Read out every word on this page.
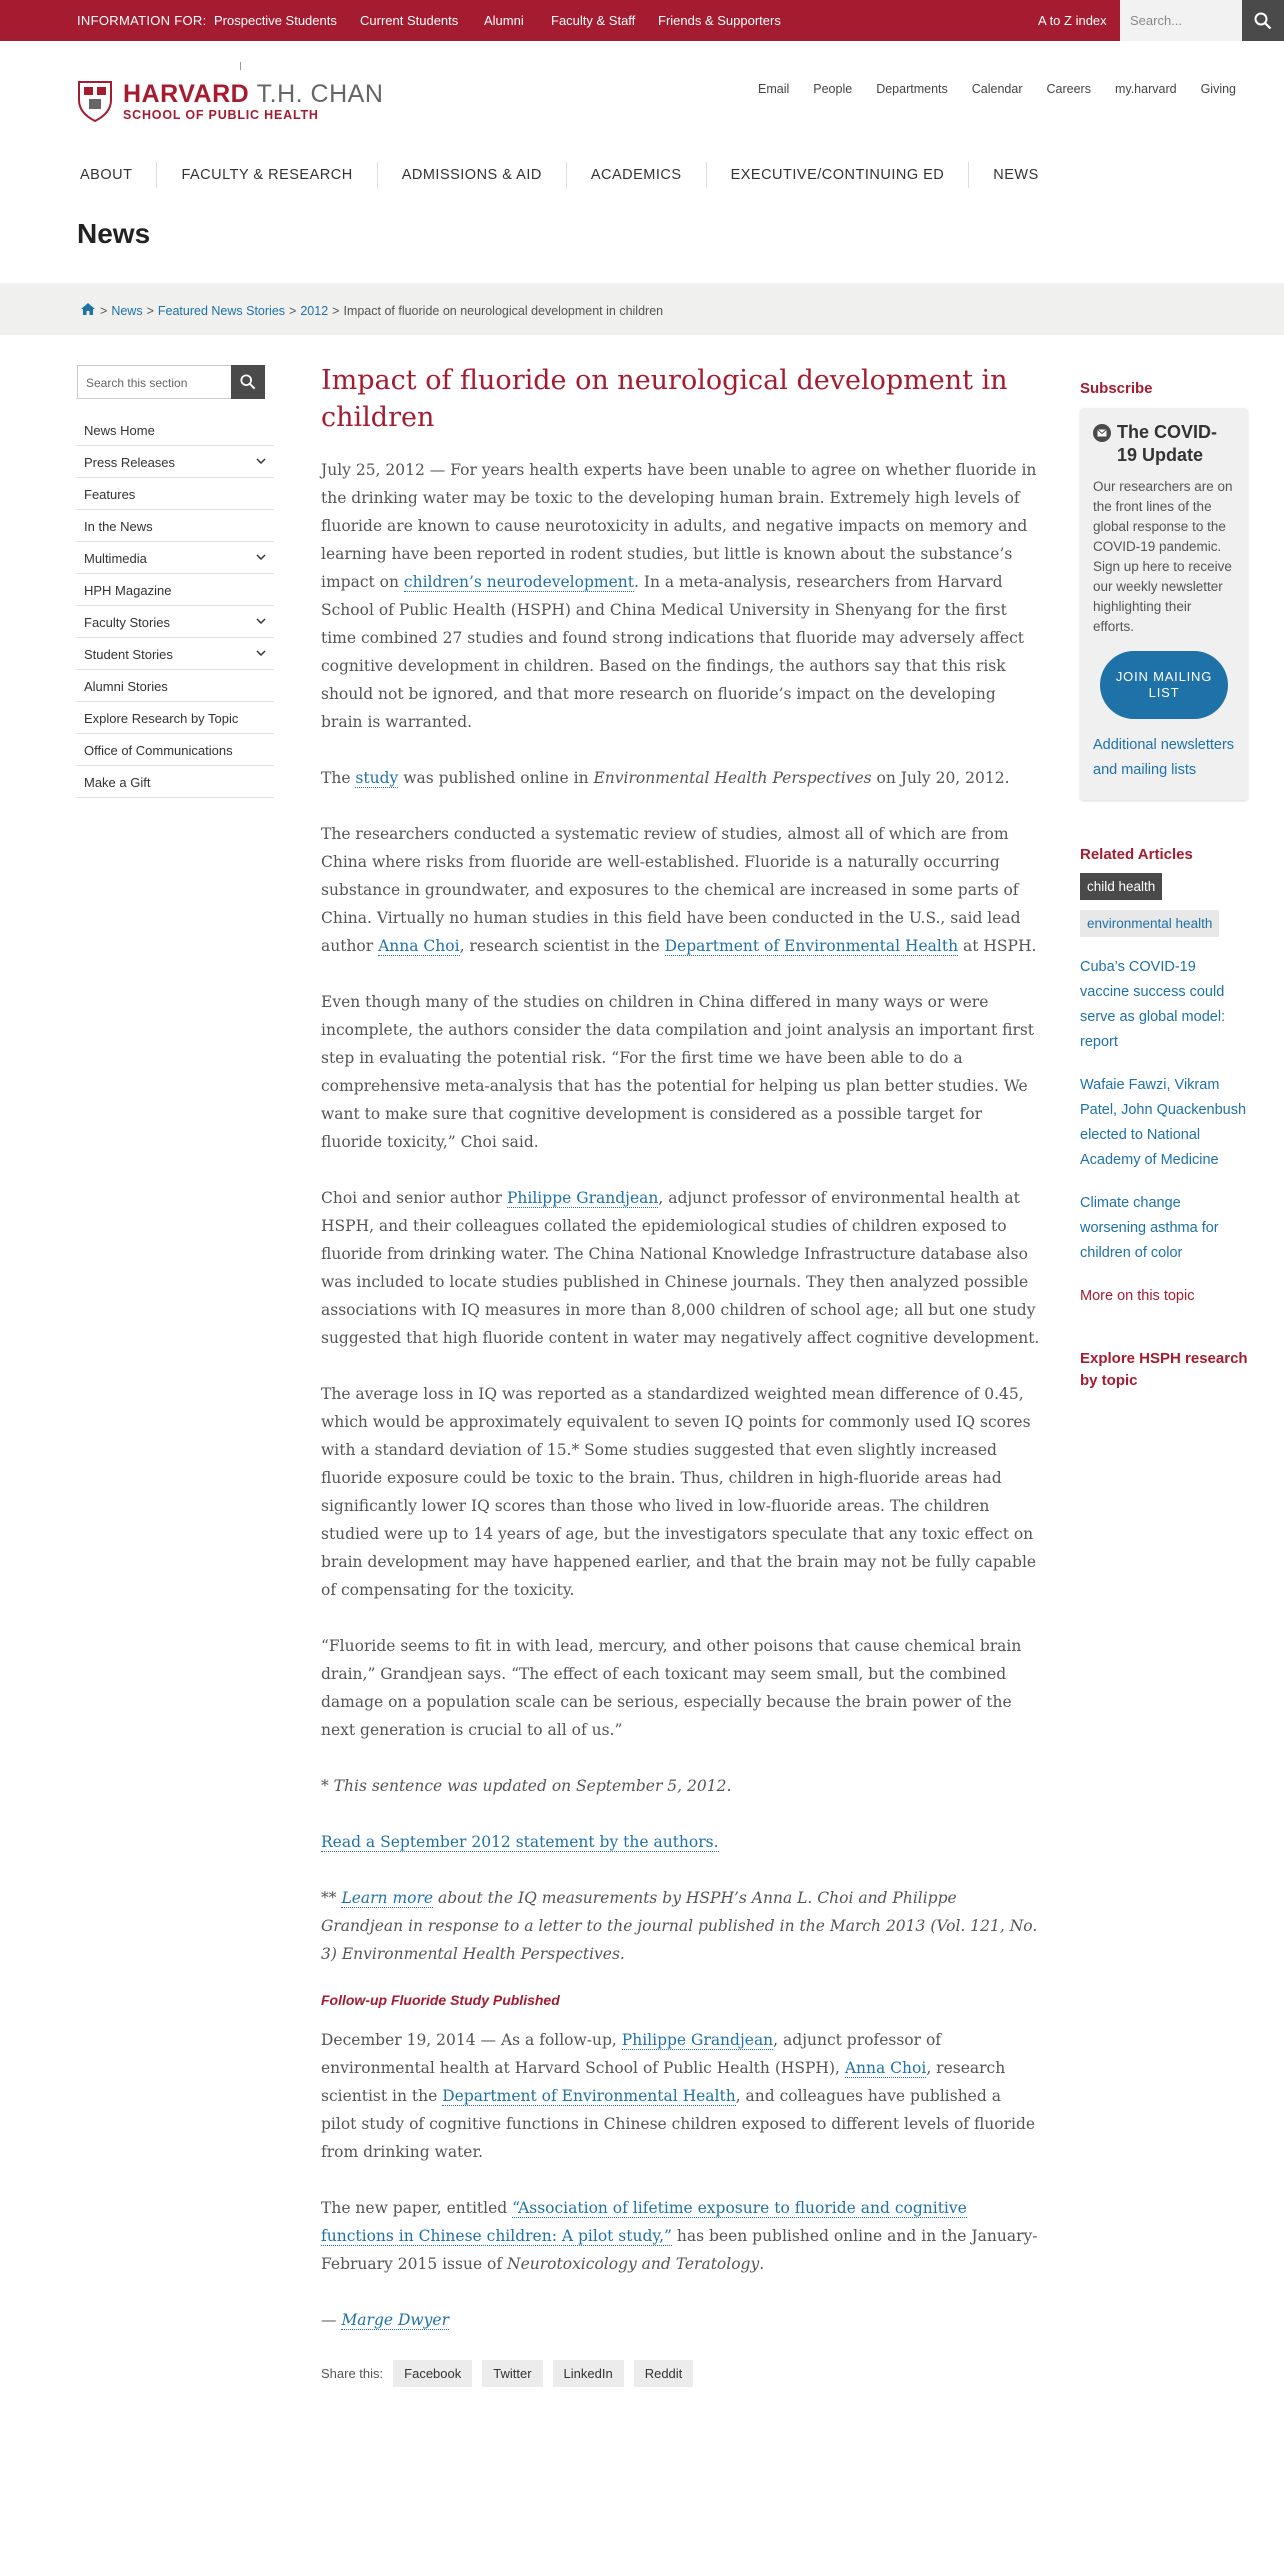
INFORMATION FOR: Prospective Students Current Students Alumni Faculty & Staff Friends & Supporters	A to Z index	Search...
HARVARD T.H. CHAN
SCHOOL OF PUBLIC HEALTH
Email People Departments Calendar Careers my.harvard Giving
ABOUT	FACULTY & RESEARCH	ADMISSIONS & AID	ACADEMICS	EXECUTIVE/CONTINUING ED	NEWS
News
> News > Featured News Stories > 2012 > Impact of fluoride on neurological development in children
Search this section
News Home
Press Releases
Features
In the News
Multimedia
HPH Magazine
Faculty Stories
Student Stories
Alumni Stories
Explore Research by Topic
Office of Communications
Make a Gift
Impact of fluoride on neurological development in children

July 25, 2012 — For years health experts have been unable to agree on whether fluoride in the drinking water may be toxic to the developing human brain. Extremely high levels of fluoride are known to cause neurotoxicity in adults, and negative impacts on memory and learning have been reported in rodent studies, but little is known about the substance’s impact on children’s neurodevelopment. In a meta-analysis, researchers from Harvard School of Public Health (HSPH) and China Medical University in Shenyang for the first time combined 27 studies and found strong indications that fluoride may adversely affect cognitive development in children. Based on the findings, the authors say that this risk should not be ignored, and that more research on fluoride’s impact on the developing brain is warranted.

The study was published online in Environmental Health Perspectives on July 20, 2012.

The researchers conducted a systematic review of studies, almost all of which are from China where risks from fluoride are well-established. Fluoride is a naturally occurring substance in groundwater, and exposures to the chemical are increased in some parts of China. Virtually no human studies in this field have been conducted in the U.S., said lead author Anna Choi, research scientist in the Department of Environmental Health at HSPH.

Even though many of the studies on children in China differed in many ways or were incomplete, the authors consider the data compilation and joint analysis an important first step in evaluating the potential risk. “For the first time we have been able to do a comprehensive meta-analysis that has the potential for helping us plan better studies. We want to make sure that cognitive development is considered as a possible target for fluoride toxicity,” Choi said.

Choi and senior author Philippe Grandjean, adjunct professor of environmental health at HSPH, and their colleagues collated the epidemiological studies of children exposed to fluoride from drinking water. The China National Knowledge Infrastructure database also was included to locate studies published in Chinese journals. They then analyzed possible associations with IQ measures in more than 8,000 children of school age; all but one study suggested that high fluoride content in water may negatively affect cognitive development.

The average loss in IQ was reported as a standardized weighted mean difference of 0.45, which would be approximately equivalent to seven IQ points for commonly used IQ scores with a standard deviation of 15.* Some studies suggested that even slightly increased fluoride exposure could be toxic to the brain. Thus, children in high-fluoride areas had significantly lower IQ scores than those who lived in low-fluoride areas. The children studied were up to 14 years of age, but the investigators speculate that any toxic effect on brain development may have happened earlier, and that the brain may not be fully capable of compensating for the toxicity.

“Fluoride seems to fit in with lead, mercury, and other poisons that cause chemical brain drain,” Grandjean says. “The effect of each toxicant may seem small, but the combined damage on a population scale can be serious, especially because the brain power of the next generation is crucial to all of us.”

* This sentence was updated on September 5, 2012.

Read a September 2012 statement by the authors.

** Learn more about the IQ measurements by HSPH’s Anna L. Choi and Philippe Grandjean in response to a letter to the journal published in the March 2013 (Vol. 121, No. 3) Environmental Health Perspectives.

Follow-up Fluoride Study Published

December 19, 2014 — As a follow-up, Philippe Grandjean, adjunct professor of environmental health at Harvard School of Public Health (HSPH), Anna Choi, research scientist in the Department of Environmental Health, and colleagues have published a pilot study of cognitive functions in Chinese children exposed to different levels of fluoride from drinking water.

The new paper, entitled “Association of lifetime exposure to fluoride and cognitive functions in Chinese children: A pilot study,” has been published online and in the January-February 2015 issue of Neurotoxicology and Teratology.

— Marge Dwyer

Share this:	Facebook	Twitter	LinkedIn	Reddit
Subscribe
The COVID-19 Update
Our researchers are on the front lines of the global response to the COVID-19 pandemic. Sign up here to receive our weekly newsletter highlighting their efforts.
JOIN MAILING LIST
Additional newsletters and mailing lists
Related Articles
child health
environmental health
Cuba’s COVID-19 vaccine success could serve as global model: report
Wafaie Fawzi, Vikram Patel, John Quackenbush elected to National Academy of Medicine
Climate change worsening asthma for children of color
More on this topic
Explore HSPH research by topic
